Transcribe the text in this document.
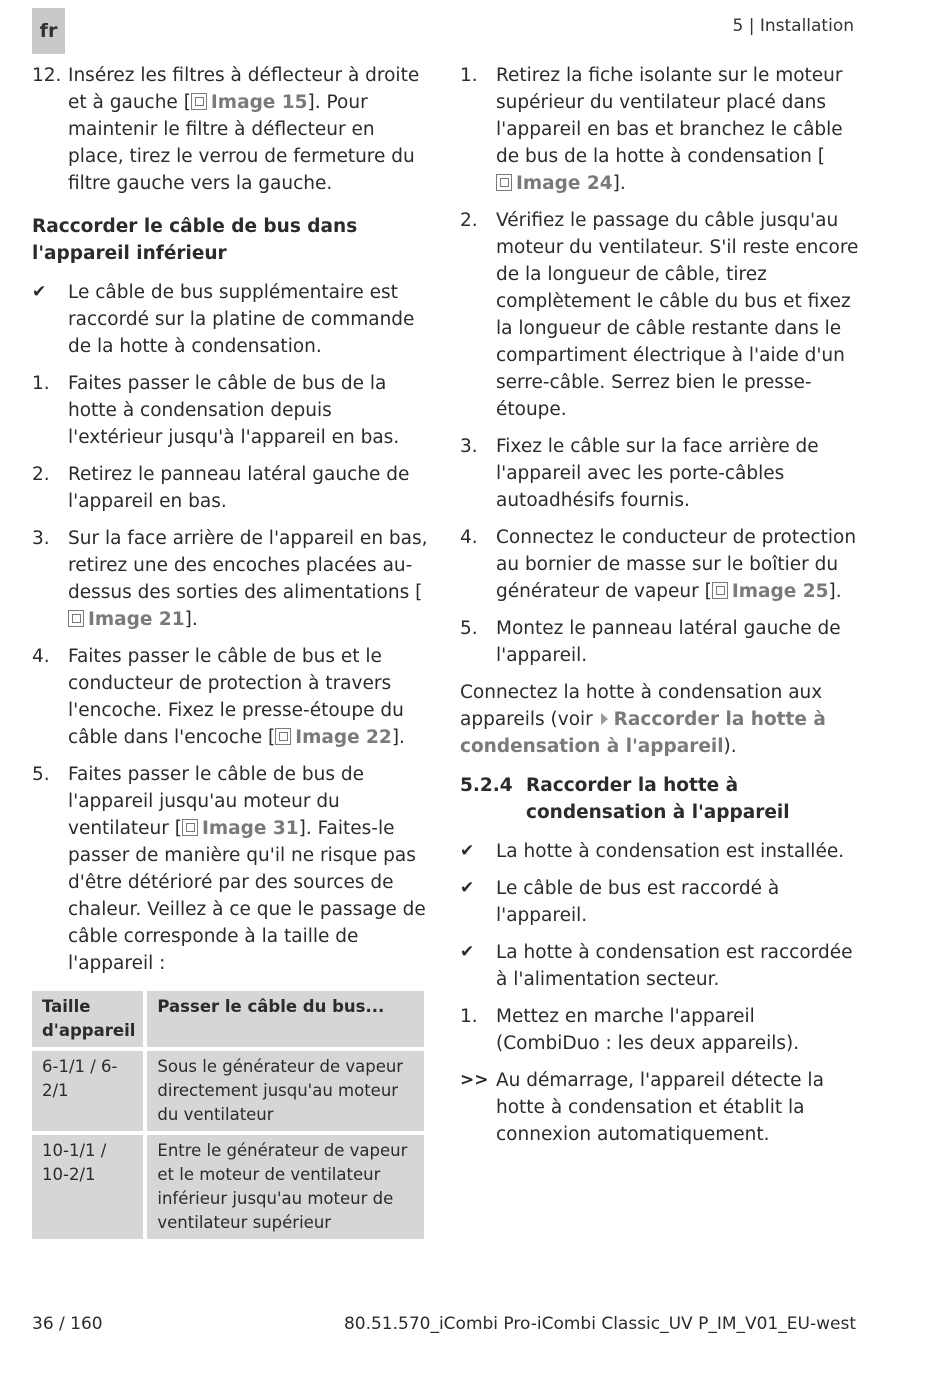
fr	5 | Installation
12. Insérez les filtres à déflecteur à droite et à gauche [ Image 15]. Pour maintenir le filtre à déflecteur en place, tirez le verrou de fermeture du filtre gauche vers la gauche.
Raccorder le câble de bus dans l'appareil inférieur
✔ Le câble de bus supplémentaire est raccordé sur la platine de commande de la hotte à condensation.
1. Faites passer le câble de bus de la hotte à condensation depuis l'extérieur jusqu'à l'appareil en bas.
2. Retirez le panneau latéral gauche de l'appareil en bas.
3. Sur la face arrière de l'appareil en bas, retirez une des encoches placées au-dessus des sorties des alimentations [Image 21].
4. Faites passer le câble de bus et le conducteur de protection à travers l'encoche. Fixez le presse-étoupe du câble dans l'encoche [ Image 22].
5. Faites passer le câble de bus de l'appareil jusqu'au moteur du ventilateur [ Image 31]. Faites-le passer de manière qu'il ne risque pas d'être détérioré par des sources de chaleur. Veillez à ce que le passage de câble corresponde à la taille de l'appareil :
Taille d'appareil	Passer le câble du bus...
6-1/1 / 6-2/1	Sous le générateur de vapeur directement jusqu'au moteur du ventilateur
10-1/1 / 10-2/1	Entre le générateur de vapeur et le moteur de ventilateur inférieur jusqu'au moteur de ventilateur supérieur
1. Retirez la fiche isolante sur le moteur supérieur du ventilateur placé dans l'appareil en bas et branchez le câble de bus de la hotte à condensation [Image 24].
2. Vérifiez le passage du câble jusqu'au moteur du ventilateur. S'il reste encore de la longueur de câble, tirez complètement le câble du bus et fixez la longueur de câble restante dans le compartiment électrique à l'aide d'un serre-câble. Serrez bien le presse-étoupe.
3. Fixez le câble sur la face arrière de l'appareil avec les porte-câbles autoadhésifs fournis.
4. Connectez le conducteur de protection au bornier de masse sur le boîtier du générateur de vapeur [ Image 25].
5. Montez le panneau latéral gauche de l'appareil.
Connectez la hotte à condensation aux appareils (voir Raccorder la hotte à condensation à l'appareil).
5.2.4 Raccorder la hotte à condensation à l'appareil
✔ La hotte à condensation est installée.
✔ Le câble de bus est raccordé à l'appareil.
✔ La hotte à condensation est raccordée à l'alimentation secteur.
1. Mettez en marche l'appareil (CombiDuo : les deux appareils).
>> Au démarrage, l'appareil détecte la hotte à condensation et établit la connexion automatiquement.
36 / 160	80.51.570_iCombi Pro-iCombi Classic_UV P_IM_V01_EU-west
